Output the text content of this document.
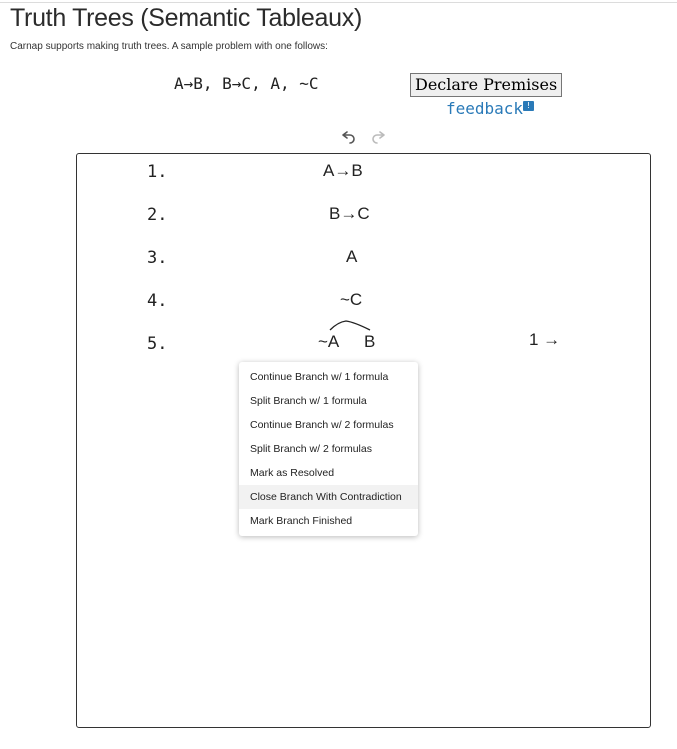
Truth Trees (Semantic Tableaux)
Carnap supports making truth trees. A sample problem with one follows:
A→B, B→C, A, ~C	Declare Premises
feedback !
1.
2.
3.
4.
5.
A→B
B→C
A
~C
~A B	1 →
Continue Branch w/ 1 formula
Split Branch w/ 1 formula
Continue Branch w/ 2 formulas
Split Branch w/ 2 formulas
Mark as Resolved
Close Branch With Contradiction
Mark Branch Finished
